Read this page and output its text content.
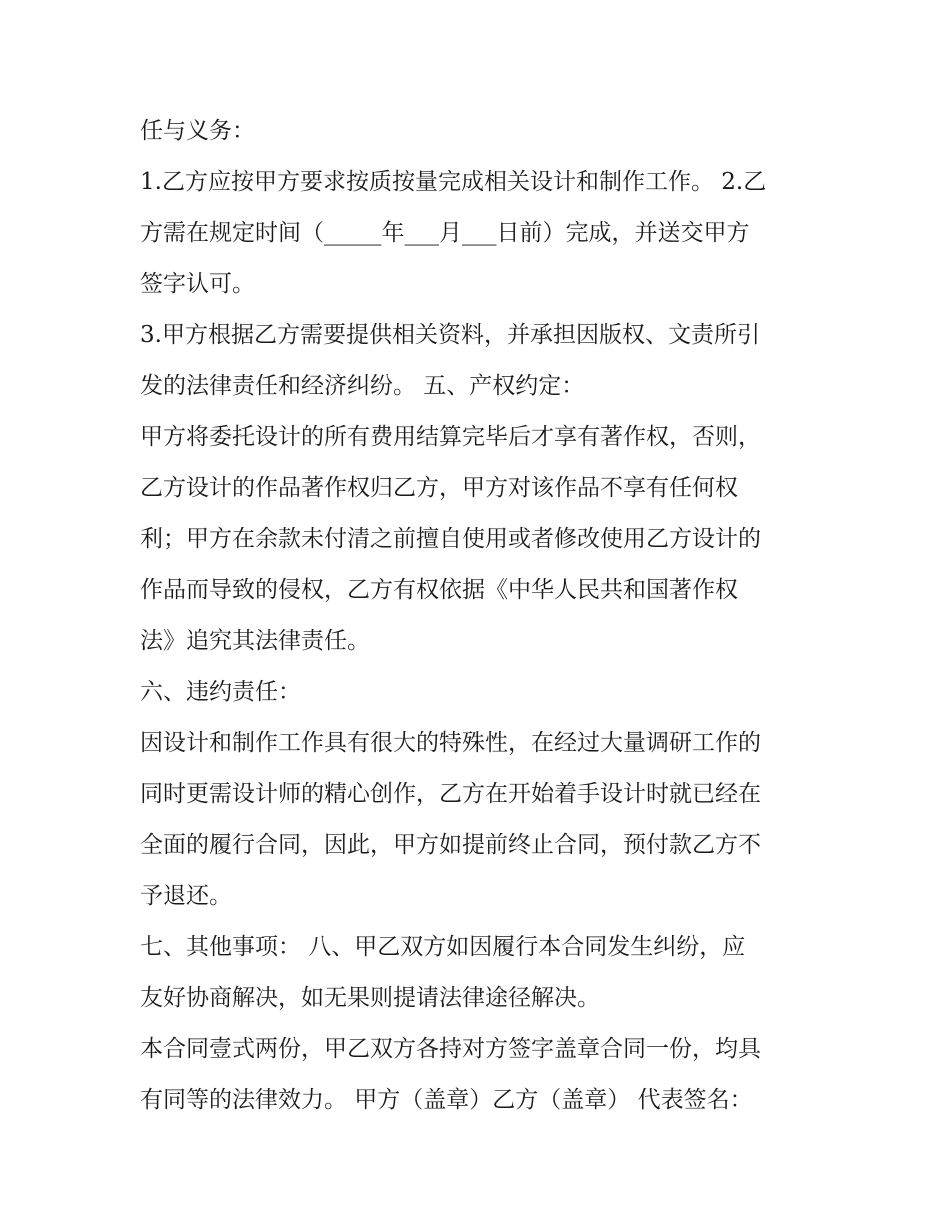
任与义务：
1.乙方应按甲方要求按质按量完成相关设计和制作工作。 2.乙
方需在规定时间（_____年___月___日前）完成，并送交甲方
签字认可。
3.甲方根据乙方需要提供相关资料，并承担因版权、文责所引
发的法律责任和经济纠纷。 五、产权约定：
甲方将委托设计的所有费用结算完毕后才享有著作权，否则，
乙方设计的作品著作权归乙方，甲方对该作品不享有任何权
利；甲方在余款未付清之前擅自使用或者修改使用乙方设计的
作品而导致的侵权，乙方有权依据《中华人民共和国著作权
法》追究其法律责任。
六、违约责任：
因设计和制作工作具有很大的特殊性，在经过大量调研工作的
同时更需设计师的精心创作，乙方在开始着手设计时就已经在
全面的履行合同，因此，甲方如提前终止合同，预付款乙方不
予退还。
七、其他事项： 八、甲乙双方如因履行本合同发生纠纷，应
友好协商解决，如无果则提请法律途径解决。
本合同壹式两份，甲乙双方各持对方签字盖章合同一份，均具
有同等的法律效力。 甲方（盖章）乙方（盖章） 代表签名：
